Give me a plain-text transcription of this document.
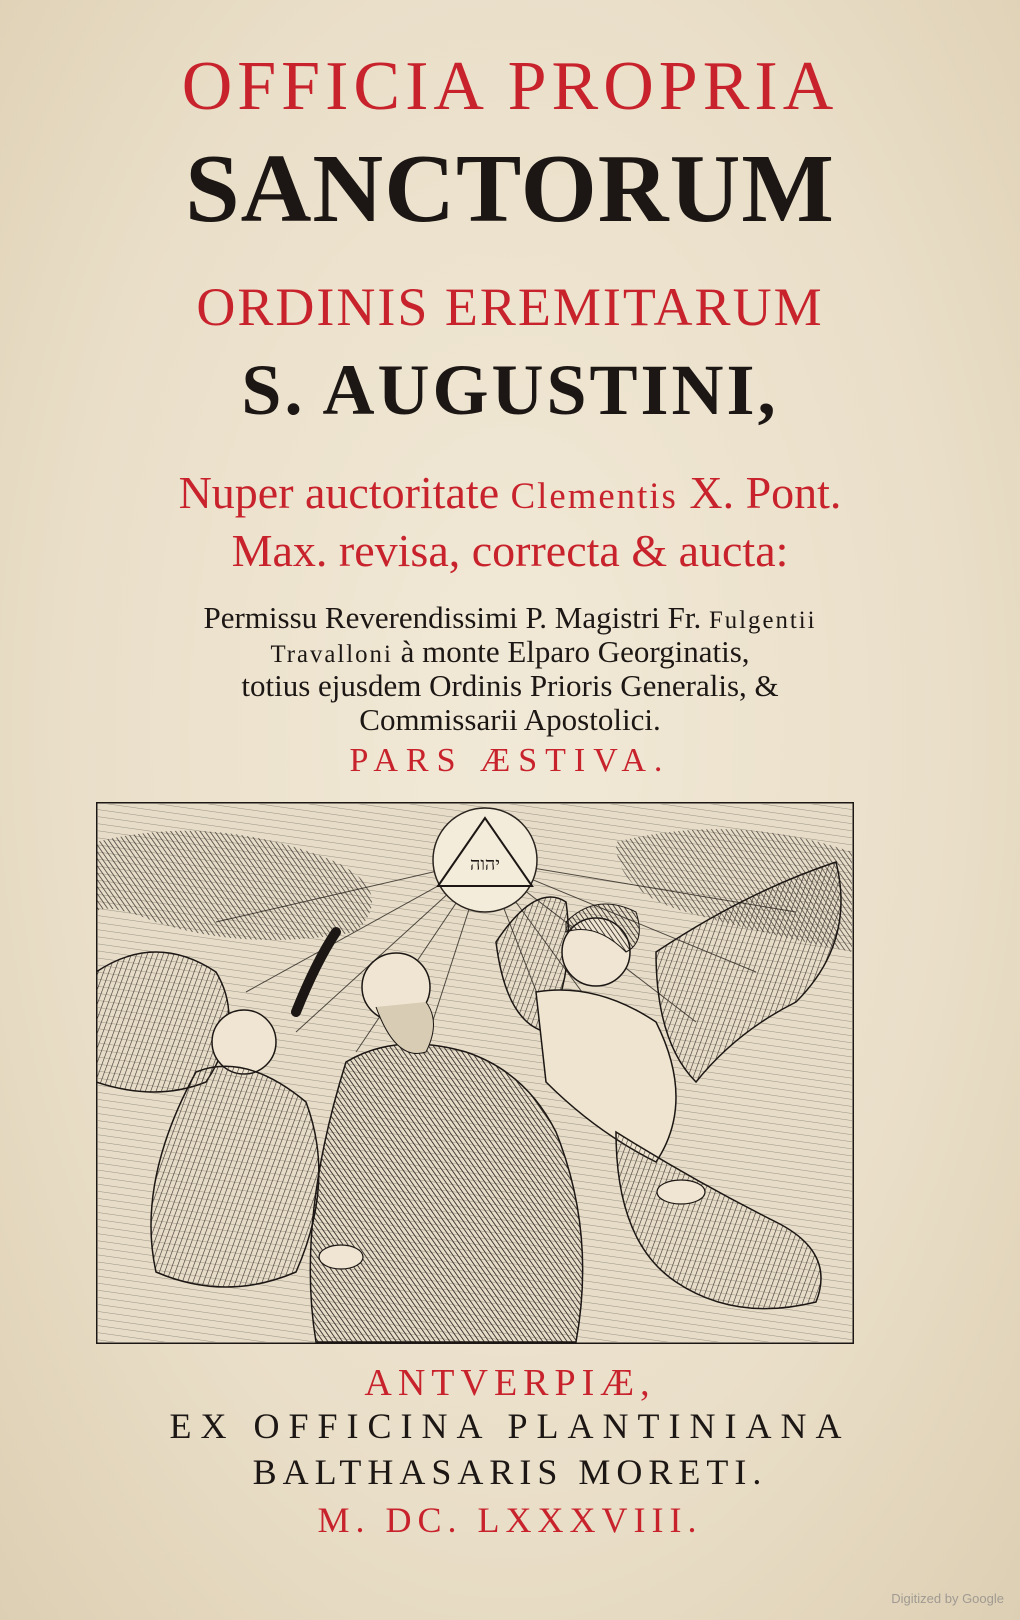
OFFICIA PROPRIA
SANCTORUM
ORDINIS EREMITARUM
S. AUGUSTINI,
Nuper auctoritate Clementis X. Pont.
Max. revisa, correcta & aucta:
Permissu Reverendissimi P. Magistri Fr. Fulgentii
Travalloni à monte Elparo Georginatis,
totius ejusdem Ordinis Prioris Generalis, &
Commissarii Apostolici.
PARS ÆSTIVA.
יהוה
ANTVERPIÆ,
EX OFFICINA PLANTINIANA
BALTHASARIS MORETI.
M. DC. LXXXVIII.
Digitized by Google
